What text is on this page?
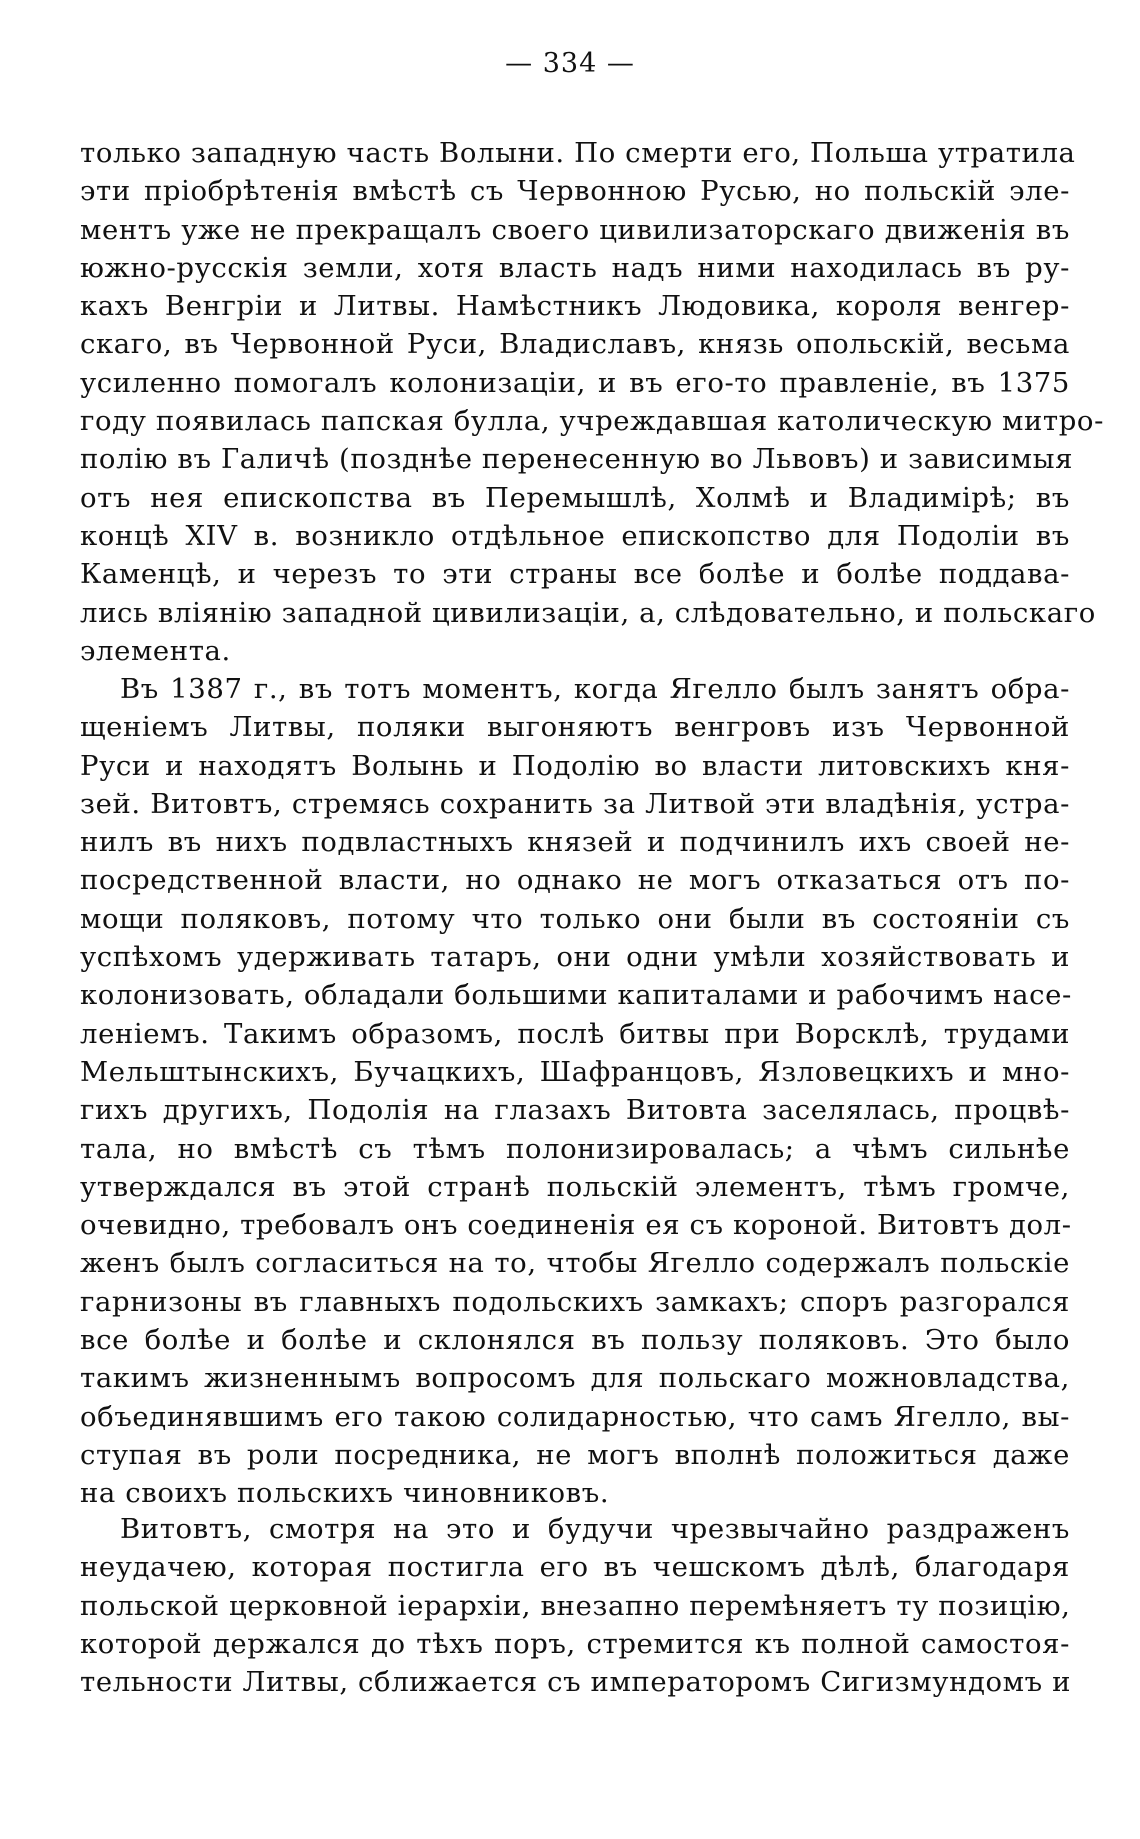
— 334 —
только западную часть Волыни. По смерти его, Польша утратила
эти пріобрѣтенія вмѣстѣ съ Червонною Русью, но польскій эле-
ментъ уже не прекращалъ своего цивилизаторскаго движенія въ
южно-русскія земли, хотя власть надъ ними находилась въ ру-
кахъ Венгріи и Литвы. Намѣстникъ Людовика, короля венгер-
скаго, въ Червонной Руси, Владиславъ, князь опольскій, весьма
усиленно помогалъ колонизаціи, и въ его-то правленіе, въ 1375
году появилась папская булла, учреждавшая католическую митро-
полію въ Галичѣ (позднѣе перенесенную во Львовъ) и зависимыя
отъ нея епископства въ Перемышлѣ, Холмѣ и Владимірѣ; въ
концѣ XIV в. возникло отдѣльное епископство для Подоліи въ
Каменцѣ, и черезъ то эти страны все болѣе и болѣе поддава-
лись вліянію западной цивилизаціи, а, слѣдовательно, и польскаго
элемента.
Въ 1387 г., въ тотъ моментъ, когда Ягелло былъ занятъ обра-
щеніемъ Литвы, поляки выгоняютъ венгровъ изъ Червонной
Руси и находятъ Волынь и Подолію во власти литовскихъ кня-
зей. Витовтъ, стремясь сохранить за Литвой эти владѣнія, устра-
нилъ въ нихъ подвластныхъ князей и подчинилъ ихъ своей не-
посредственной власти, но однако не могъ отказаться отъ по-
мощи поляковъ, потому что только они были въ состояніи съ
успѣхомъ удерживать татаръ, они одни умѣли хозяйствовать и
колонизовать, обладали большими капиталами и рабочимъ насе-
леніемъ. Такимъ образомъ, послѣ битвы при Ворсклѣ, трудами
Мельштынскихъ, Бучацкихъ, Шафранцовъ, Язловецкихъ и мно-
гихъ другихъ, Подолія на глазахъ Витовта заселялась, процвѣ-
тала, но вмѣстѣ съ тѣмъ полонизировалась; а чѣмъ сильнѣе
утверждался въ этой странѣ польскій элементъ, тѣмъ громче,
очевидно, требовалъ онъ соединенія ея съ короной. Витовтъ дол-
женъ былъ согласиться на то, чтобы Ягелло содержалъ польскіе
гарнизоны въ главныхъ подольскихъ замкахъ; споръ разгорался
все болѣе и болѣе и склонялся въ пользу поляковъ. Это было
такимъ жизненнымъ вопросомъ для польскаго можновладства,
объединявшимъ его такою солидарностью, что самъ Ягелло, вы-
ступая въ роли посредника, не могъ вполнѣ положиться даже
на своихъ польскихъ чиновниковъ.
Витовтъ, смотря на это и будучи чрезвычайно раздраженъ
неудачею, которая постигла его въ чешскомъ дѣлѣ, благодаря
польской церковной іерархіи, внезапно перемѣняетъ ту позицію,
которой держался до тѣхъ поръ, стремится къ полной самостоя-
тельности Литвы, сближается съ императоромъ Сигизмундомъ и
